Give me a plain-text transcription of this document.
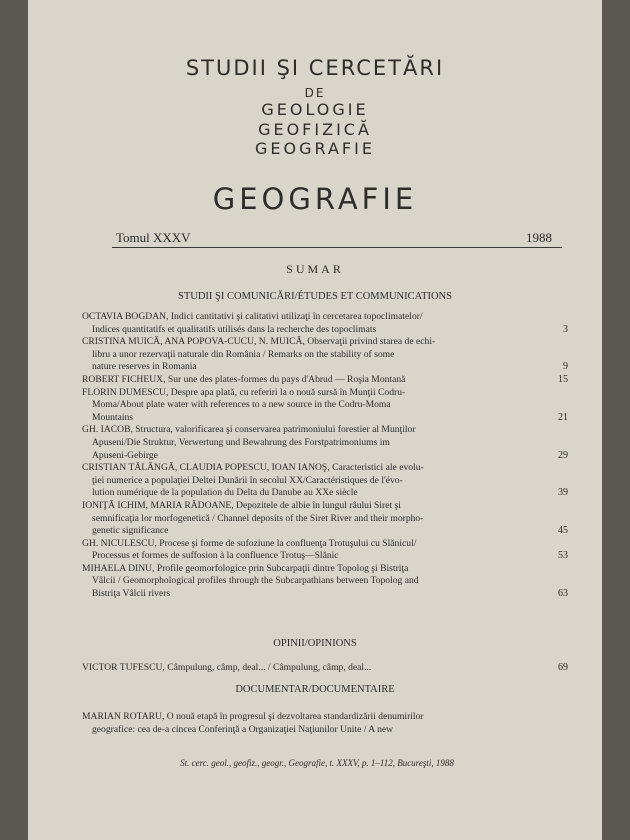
STUDII ŞI CERCETĂRI
DE
GEOLOGIE
GEOFIZICĂ
GEOGRAFIE
GEOGRAFIE
Tomul XXXV	1988
SUMAR
STUDII ŞI COMUNICĂRI/ÉTUDES ET COMMUNICATIONS
OCTAVIA BOGDAN, Indici cantitativi şi calitativi utilizaţi în cercetarea topoclimatelor/
Indices quantitatifs et qualitatifs utilisés dans la recherche des topoclimats	3
CRISTINA MUICĂ, ANA POPOVA-CUCU, N. MUICĂ, Observaţii privind starea de echi-
libru a unor rezervaţii naturale din România / Remarks on the stability of some
nature reserves in Romania	9
ROBERT FICHEUX, Sur une des plates-formes du pays d'Abrud — Roşia Montană	15
FLORIN DUMESCU, Despre apa plată, cu referiri la o nouă sursă în Munţii Codru-
Moma/About plate water with references to a new source in the Codru-Moma
Mountains	21
GH. IACOB, Structura, valorificarea şi conservarea patrimoniului forestier al Munţilor
Apuseni/Die Struktur, Verwertung und Bewahrung des Forstpatrimoniums im
Apuseni-Gebirge	29
CRISTIAN TĂLÂNGĂ, CLAUDIA POPESCU, IOAN IANOŞ, Caracteristici ale evolu-
ţiei numerice a populaţiei Deltei Dunării în secolul XX/Caractéristiques de l'évo-
lution numérique de la population du Delta du Danube au XXe siècle	39
IONIŢĂ ICHIM, MARIA RĂDOANE, Depozitele de albie în lungul râului Siret şi
semnificaţia lor morfogenetică / Channel deposits of the Siret River and their morpho-
genetic significance	45
GH. NICULESCU, Procese şi forme de sufoziune la confluenţa Trotuşului cu Slănicul/
Processus et formes de suffosion à la confluence Trotuş—Slănic	53
MIHAELA DINU, Profile geomorfologice prin Subcarpaţii dintre Topolog şi Bistriţa
Vâlcii / Geomorphological profiles through the Subcarpathians between Topolog and
Bistriţa Vâlcii rivers	63
OPINII/OPINIONS
VICTOR TUFESCU, Câmpulung, câmp, deal... / Câmpulung, câmp, deal...	69
DOCUMENTAR/DOCUMENTAIRE
MARIAN ROTARU, O nouă etapă în progresul şi dezvoltarea standardizării denumirilor
geografice: cea de-a cincea Conferinţă a Organizaţiei Naţiunilor Unite / A new
St. cerc. geol., geofiz., geogr., Geografie, t. XXXV, p. 1–112, Bucureşti, 1988
